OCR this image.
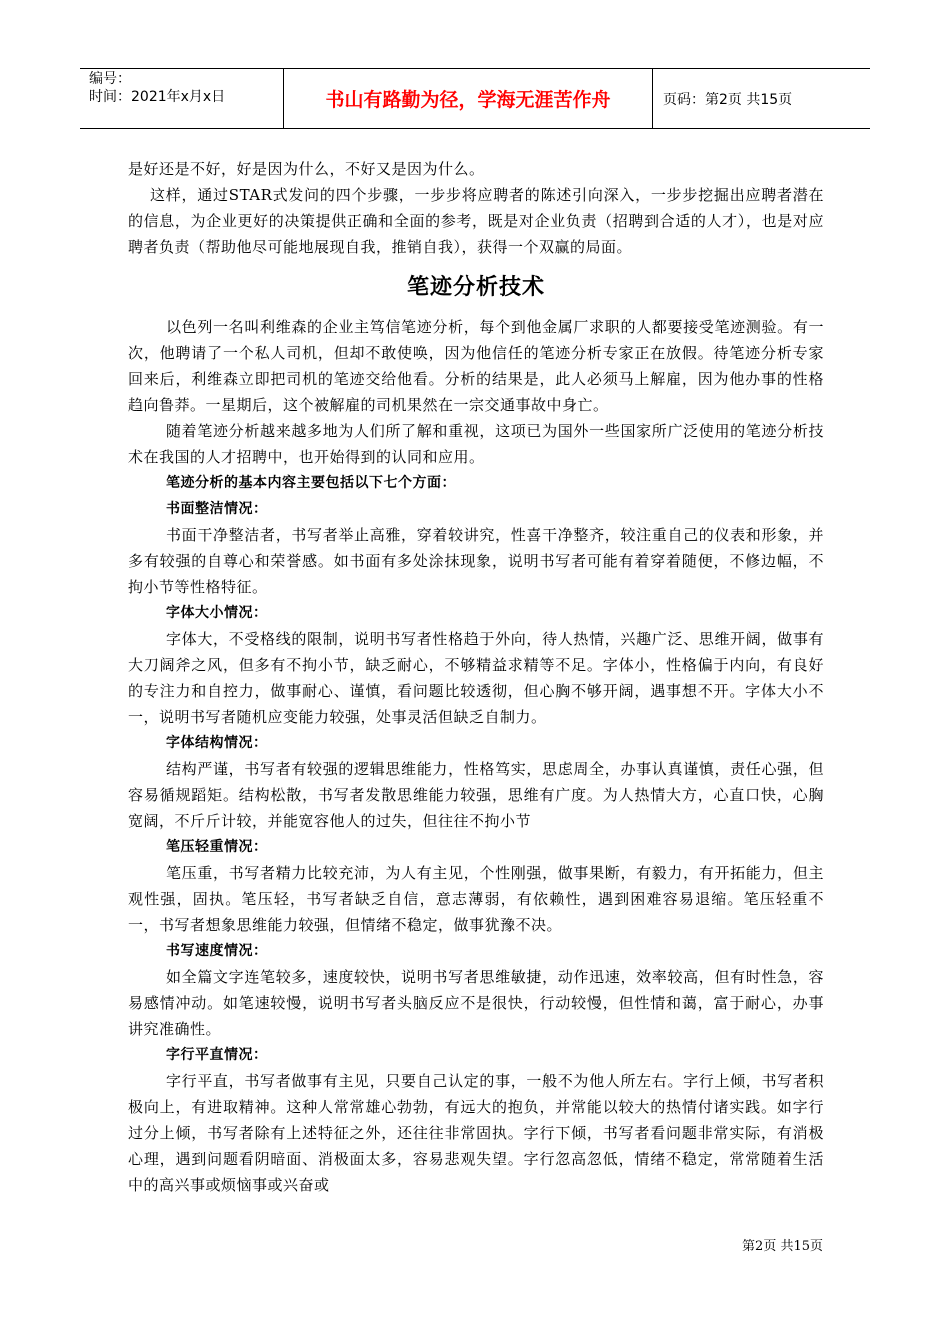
编号：
时间：2021年x月x日	书山有路勤为径，学海无涯苦作舟	页码：第2页 共15页

是好还是不好，好是因为什么，不好又是因为什么。

这样，通过STAR式发问的四个步骤，一步步将应聘者的陈述引向深入，一步步挖掘出应聘者潜在的信息，为企业更好的决策提供正确和全面的参考，既是对企业负责（招聘到合适的人才），也是对应聘者负责（帮助他尽可能地展现自我，推销自我），获得一个双赢的局面。

笔迹分析技术

以色列一名叫利维森的企业主笃信笔迹分析，每个到他金属厂求职的人都要接受笔迹测验。有一次，他聘请了一个私人司机，但却不敢使唤，因为他信任的笔迹分析专家正在放假。待笔迹分析专家回来后，利维森立即把司机的笔迹交给他看。分析的结果是，此人必须马上解雇，因为他办事的性格趋向鲁莽。一星期后，这个被解雇的司机果然在一宗交通事故中身亡。

随着笔迹分析越来越多地为人们所了解和重视，这项已为国外一些国家所广泛使用的笔迹分析技术在我国的人才招聘中，也开始得到的认同和应用。

笔迹分析的基本内容主要包括以下七个方面：

书面整洁情况：

书面干净整洁者，书写者举止高雅，穿着较讲究，性喜干净整齐，较注重自己的仪表和形象，并多有较强的自尊心和荣誉感。如书面有多处涂抹现象，说明书写者可能有着穿着随便，不修边幅，不拘小节等性格特征。

字体大小情况：

字体大，不受格线的限制，说明书写者性格趋于外向，待人热情，兴趣广泛、思维开阔，做事有大刀阔斧之风，但多有不拘小节，缺乏耐心，不够精益求精等不足。字体小，性格偏于内向，有良好的专注力和自控力，做事耐心、谨慎，看问题比较透彻，但心胸不够开阔，遇事想不开。字体大小不一，说明书写者随机应变能力较强，处事灵活但缺乏自制力。

字体结构情况：

结构严谨，书写者有较强的逻辑思维能力，性格笃实，思虑周全，办事认真谨慎，责任心强，但容易循规蹈矩。结构松散，书写者发散思维能力较强，思维有广度。为人热情大方，心直口快，心胸宽阔，不斤斤计较，并能宽容他人的过失，但往往不拘小节

笔压轻重情况：

笔压重，书写者精力比较充沛，为人有主见，个性刚强，做事果断，有毅力，有开拓能力，但主观性强，固执。笔压轻，书写者缺乏自信，意志薄弱，有依赖性，遇到困难容易退缩。笔压轻重不一，书写者想象思维能力较强，但情绪不稳定，做事犹豫不决。

书写速度情况：

如全篇文字连笔较多，速度较快，说明书写者思维敏捷，动作迅速，效率较高，但有时性急，容易感情冲动。如笔速较慢，说明书写者头脑反应不是很快，行动较慢，但性情和蔼，富于耐心，办事讲究准确性。

字行平直情况：

字行平直，书写者做事有主见，只要自己认定的事，一般不为他人所左右。字行上倾，书写者积极向上，有进取精神。这种人常常雄心勃勃，有远大的抱负，并常能以较大的热情付诸实践。如字行过分上倾，书写者除有上述特征之外，还往往非常固执。字行下倾，书写者看问题非常实际，有消极心理，遇到问题看阴暗面、消极面太多，容易悲观失望。字行忽高忽低，情绪不稳定，常常随着生活中的高兴事或烦恼事或兴奋或

第2页 共15页
